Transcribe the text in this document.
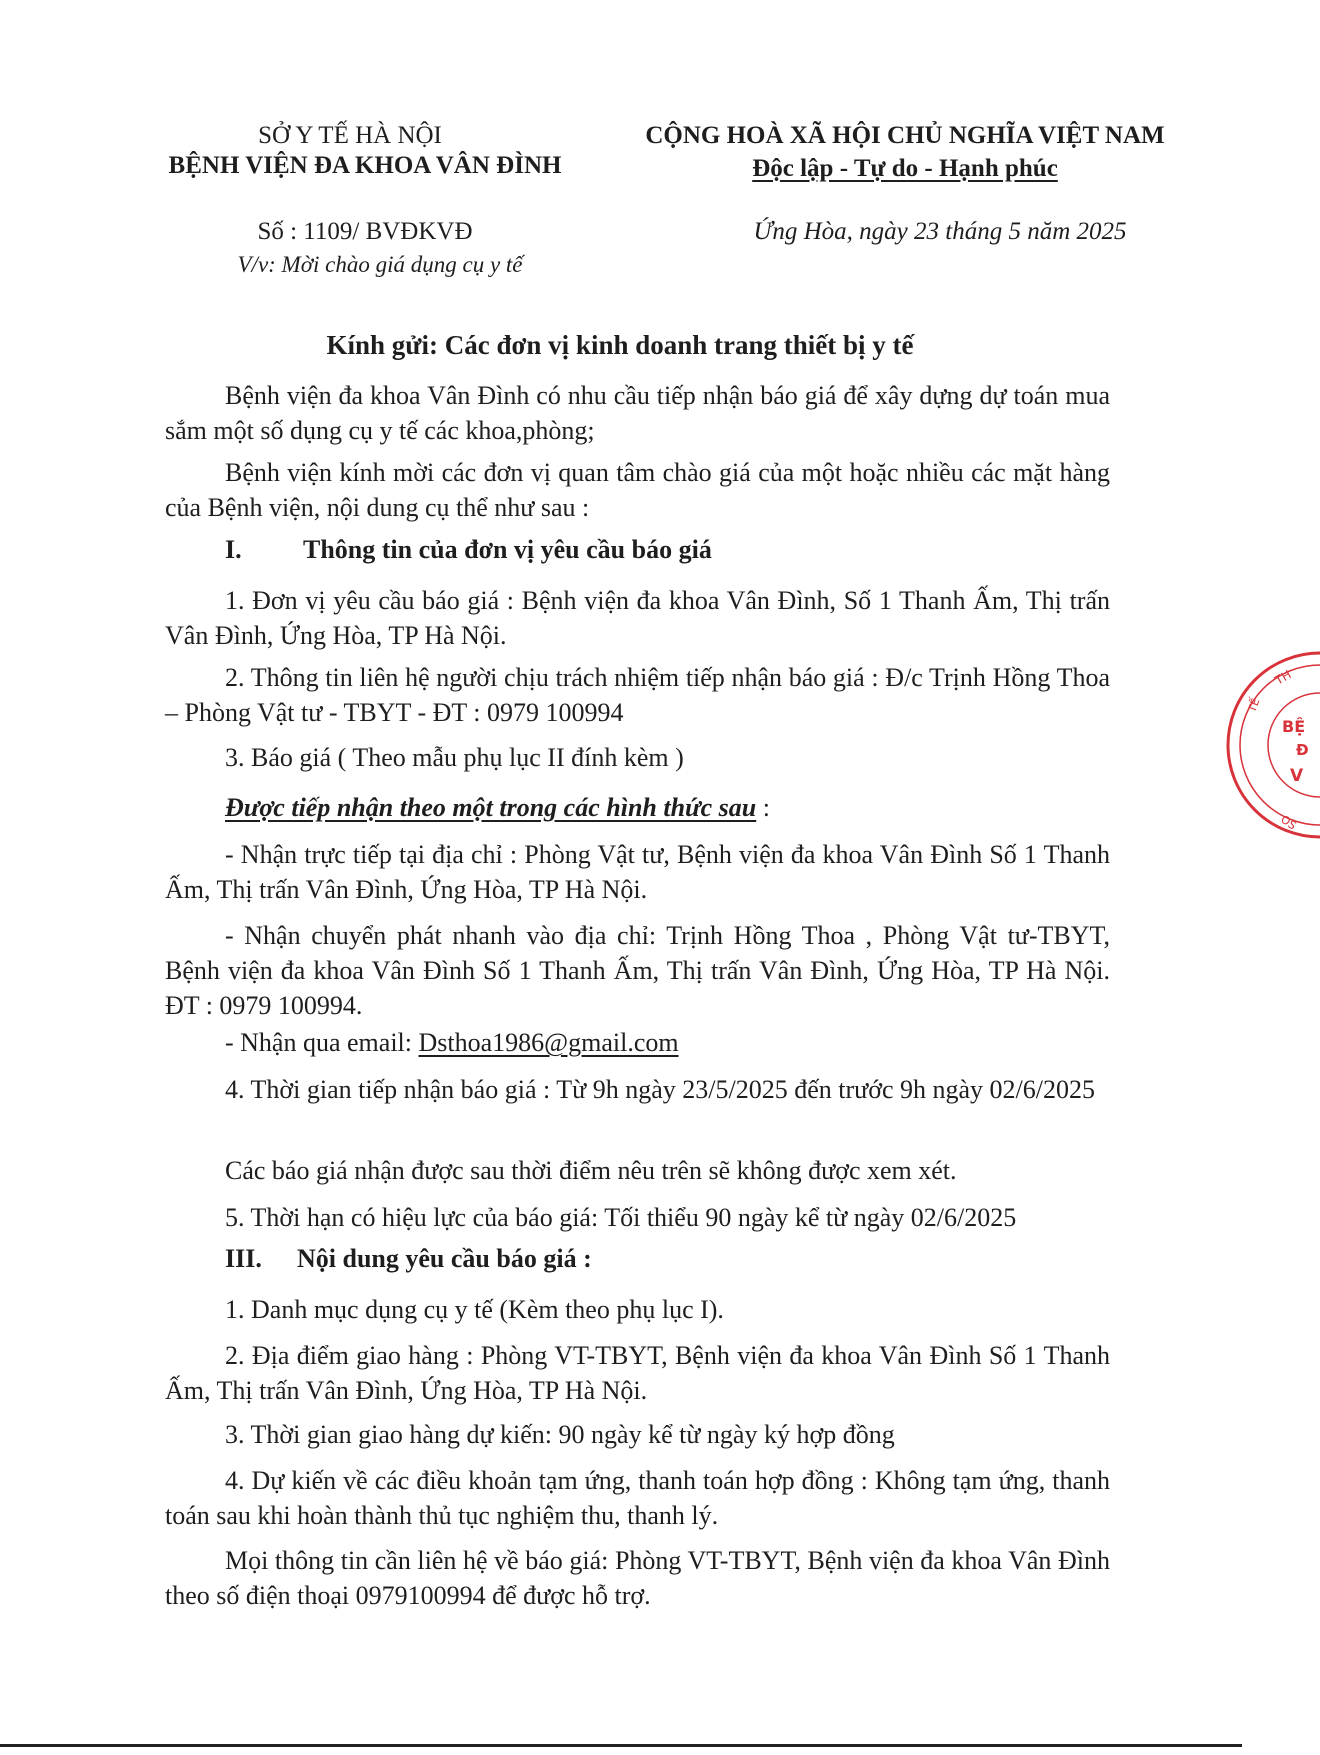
SỞ Y TẾ HÀ NỘI
BỆNH VIỆN ĐA KHOA VÂN ĐÌNH
CỘNG HOÀ XÃ HỘI CHỦ NGHĨA VIỆT NAM
Độc lập - Tự do - Hạnh phúc
Số : 1109/ BVĐKVĐ
V/v: Mời chào giá dụng cụ y tế
Ứng Hòa, ngày 23 tháng 5 năm 2025
Kính gửi: Các đơn vị kinh doanh trang thiết bị y tế
Bệnh viện đa khoa Vân Đình có nhu cầu tiếp nhận báo giá để xây dựng dự toán mua sắm một số dụng cụ y tế các khoa,phòng;
Bệnh viện kính mời các đơn vị quan tâm chào giá của một hoặc nhiều các mặt hàng của Bệnh viện, nội dung cụ thể như sau :
I. Thông tin của đơn vị yêu cầu báo giá
1. Đơn vị yêu cầu báo giá : Bệnh viện đa khoa Vân Đình, Số 1 Thanh Ấm, Thị trấn Vân Đình, Ứng Hòa, TP Hà Nội.
2. Thông tin liên hệ người chịu trách nhiệm tiếp nhận báo giá : Đ/c Trịnh Hồng Thoa – Phòng Vật tư - TBYT - ĐT : 0979 100994
3. Báo giá ( Theo mẫu phụ lục II đính kèm )
Được tiếp nhận theo một trong các hình thức sau :
- Nhận trực tiếp tại địa chỉ : Phòng Vật tư, Bệnh viện đa khoa Vân Đình Số 1 Thanh Ấm, Thị trấn Vân Đình, Ứng Hòa, TP Hà Nội.
- Nhận chuyển phát nhanh vào địa chỉ: Trịnh Hồng Thoa , Phòng Vật tư-TBYT, Bệnh viện đa khoa Vân Đình Số 1 Thanh Ấm, Thị trấn Vân Đình, Ứng Hòa, TP Hà Nội. ĐT : 0979 100994.
- Nhận qua email: Dsthoa1986@gmail.com
4. Thời gian tiếp nhận báo giá : Từ 9h ngày 23/5/2025 đến trước 9h ngày 02/6/2025
Các báo giá nhận được sau thời điểm nêu trên sẽ không được xem xét.
5. Thời hạn có hiệu lực của báo giá: Tối thiểu 90 ngày kể từ ngày 02/6/2025
III. Nội dung yêu cầu báo giá :
1. Danh mục dụng cụ y tế (Kèm theo phụ lục I).
2. Địa điểm giao hàng : Phòng VT-TBYT, Bệnh viện đa khoa Vân Đình Số 1 Thanh Ấm, Thị trấn Vân Đình, Ứng Hòa, TP Hà Nội.
3. Thời gian giao hàng dự kiến: 90 ngày kể từ ngày ký hợp đồng
4. Dự kiến về các điều khoản tạm ứng, thanh toán hợp đồng : Không tạm ứng, thanh toán sau khi hoàn thành thủ tục nghiệm thu, thanh lý.
Mọi thông tin cần liên hệ về báo giá: Phòng VT-TBYT, Bệnh viện đa khoa Vân Đình theo số điện thoại 0979100994 để được hỗ trợ.
BỆ
Đ
V
TH
TẾ
OS
